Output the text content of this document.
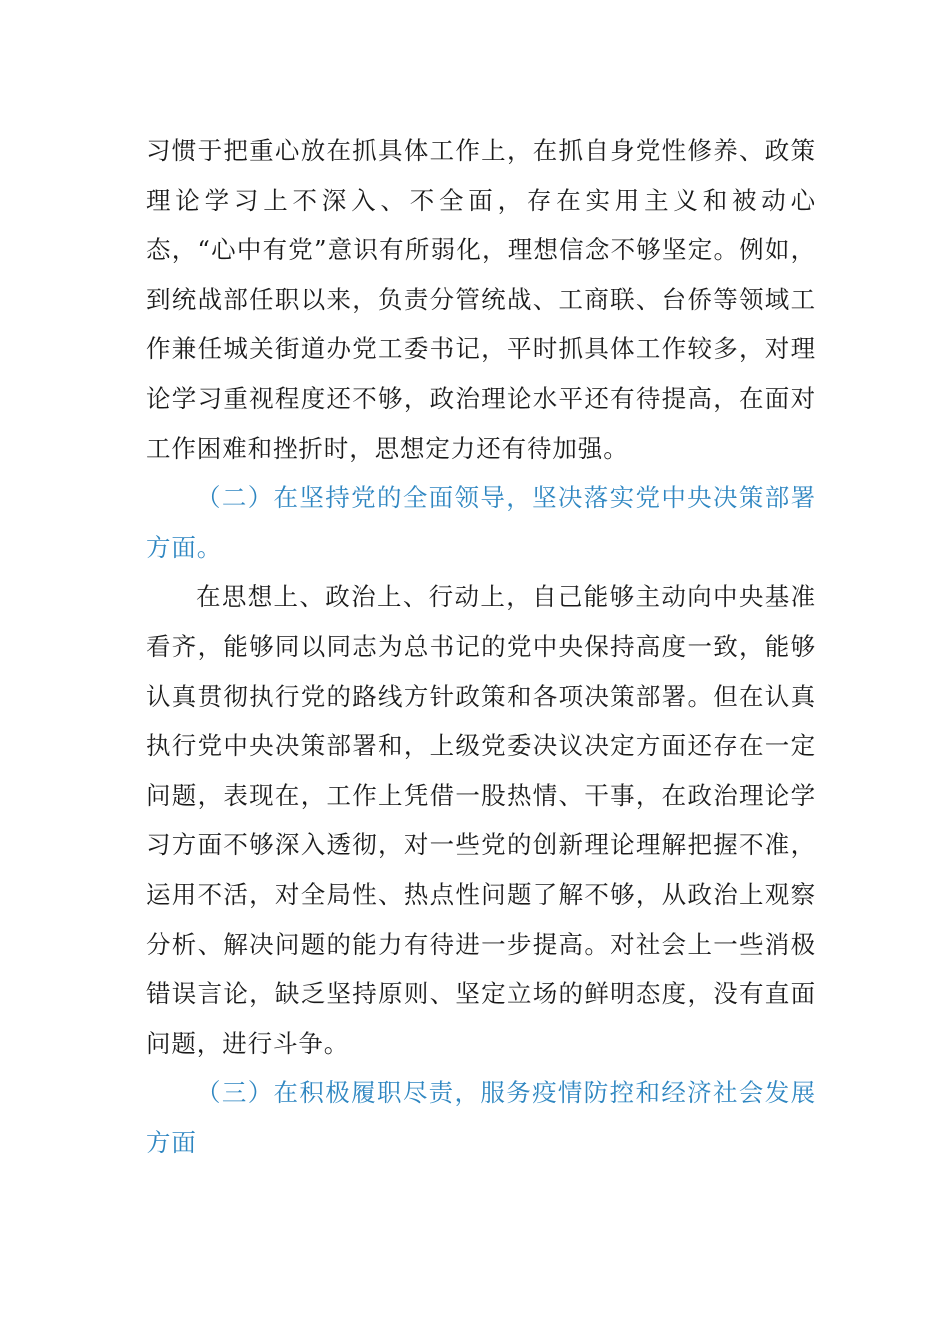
习惯于把重心放在抓具体工作上，在抓自身党性修养、政策理论学习上不深入、不全面，存在实用主义和被动心态，“心中有党”意识有所弱化，理想信念不够坚定。例如，到统战部任职以来，负责分管统战、工商联、台侨等领域工作兼任城关街道办党工委书记，平时抓具体工作较多，对理论学习重视程度还不够，政治理论水平还有待提高，在面对工作困难和挫折时，思想定力还有待加强。

（二）在坚持党的全面领导，坚决落实党中央决策部署方面。

在思想上、政治上、行动上，自己能够主动向中央基准看齐，能够同以同志为总书记的党中央保持高度一致，能够认真贯彻执行党的路线方针政策和各项决策部署。但在认真执行党中央决策部署和，上级党委决议决定方面还存在一定问题，表现在，工作上凭借一股热情、干事，在政治理论学习方面不够深入透彻，对一些党的创新理论理解把握不准，运用不活，对全局性、热点性问题了解不够，从政治上观察分析、解决问题的能力有待进一步提高。对社会上一些消极错误言论，缺乏坚持原则、坚定立场的鲜明态度，没有直面问题，进行斗争。

（三）在积极履职尽责，服务疫情防控和经济社会发展方面
